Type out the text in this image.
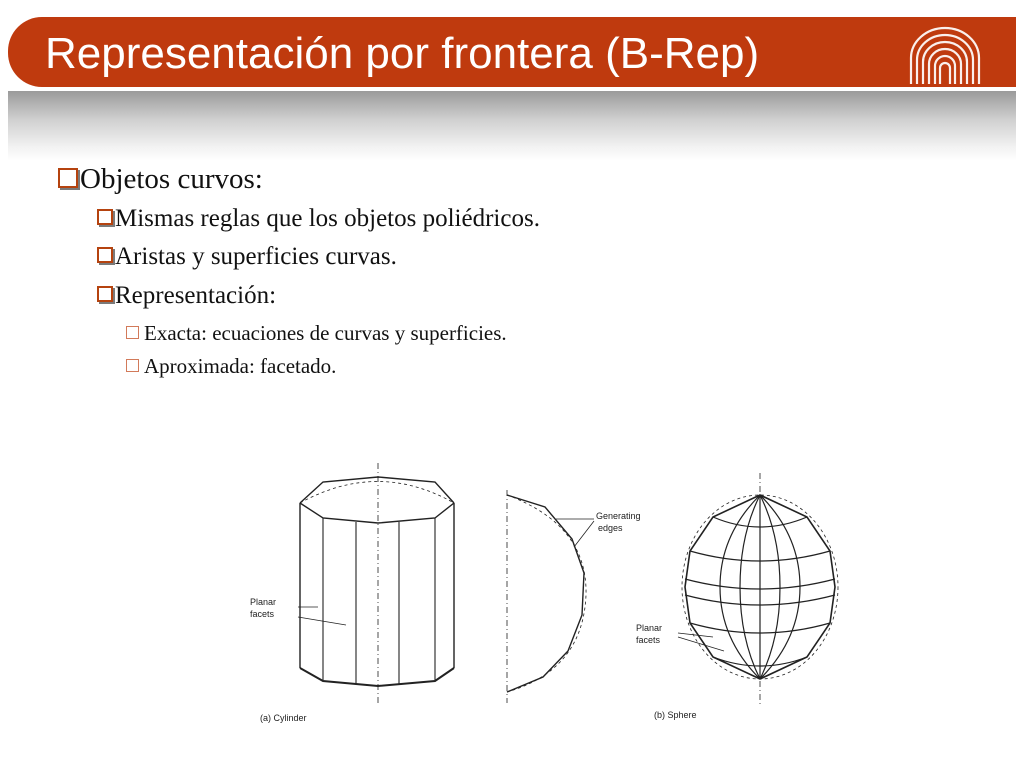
Representación por frontera (B-Rep)
Objetos curvos:
Mismas reglas que los objetos poliédricos.
Aristas y superficies curvas.
Representación:
Exacta: ecuaciones de curvas y superficies.
Aproximada: facetado.
Planar
facets
(a) Cylinder
Generating
edges
Planar
facets
(b) Sphere
